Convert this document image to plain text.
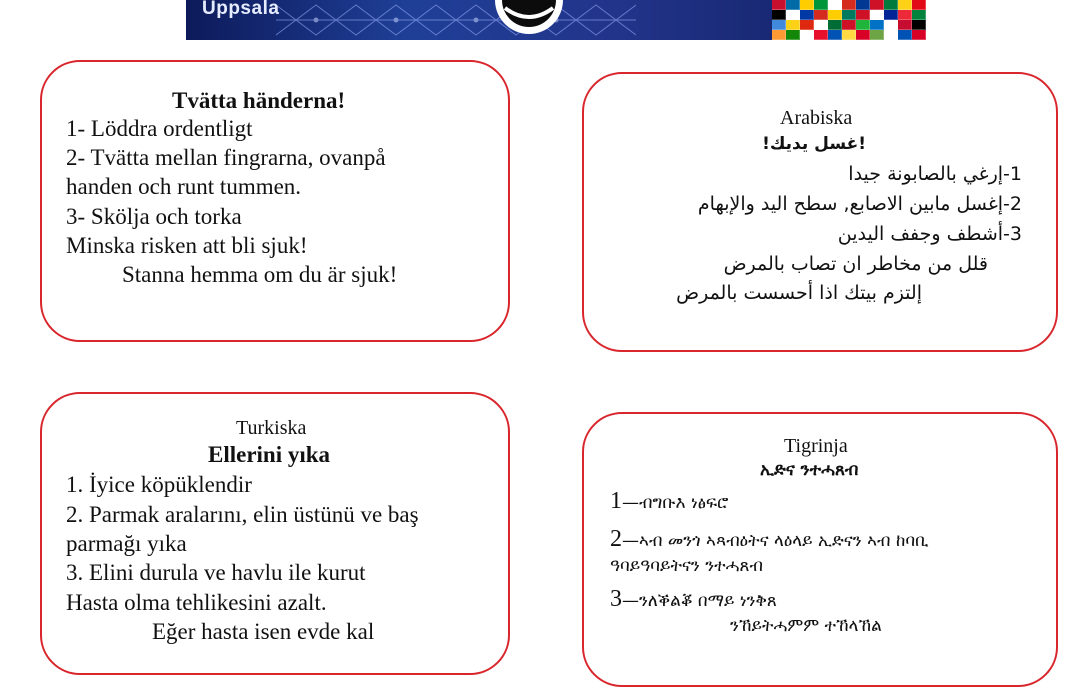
Uppsala
Tvätta händerna!
1- Löddra ordentligt
2- Tvätta mellan fingrarna, ovanpå
handen och runt tummen.
3- Skölja och torka
Minska risken att bli sjuk!
Stanna hemma om du är sjuk!
Arabiska
!غسل يديك!
1-إرغي بالصابونة جيدا
2-إغسل مابين الاصابع, سطح اليد والإبهام
3-أشطف وجفف اليدين
قلل من مخاطر ان تصاب بالمرض
إلتزم بيتك اذا أحسست بالمرض
Turkiska
Ellerini yıka
1. İyice köpüklendir
2. Parmak aralarını, elin üstünü ve baş
parmağı yıka
3. Elini durula ve havlu ile kurut
Hasta olma tehlikesini azalt.
Eğer hasta isen evde kal
Tigrinja
ኢድና ንተሓጸብ
1—ብግቡእ ነፅፍሮ
2—ኣብ መንጎ ኣጻብዕትና ላዕላይ ኢድናን ኣብ ከባቢ
ዓባይዓባይትናን ንተሓጸብ
3—ንለቕልቖ በማይ ነንቅጸ
ንኸይትሓምም ተኸላኸል
